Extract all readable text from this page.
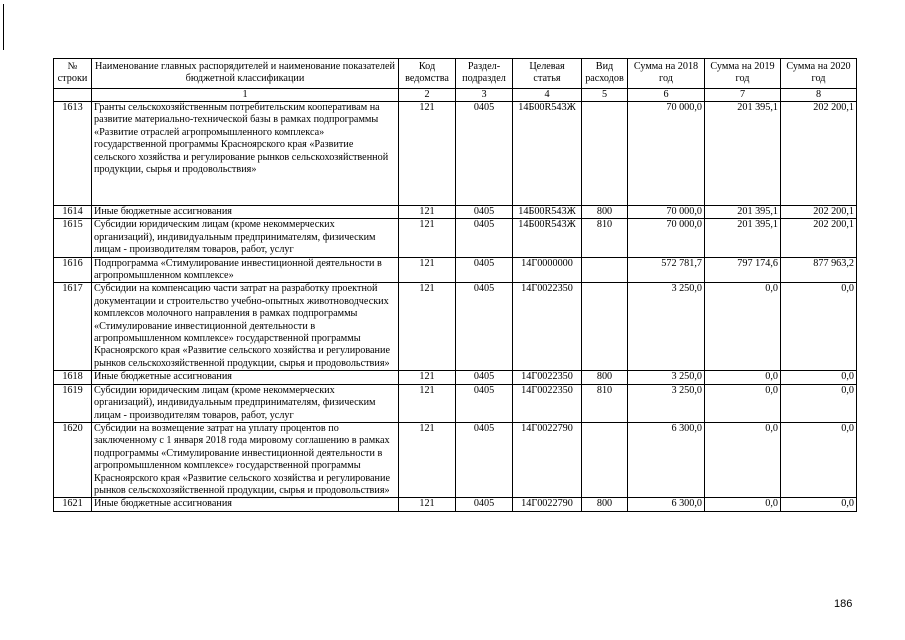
№ строки	Наименование главных распорядителей и наименование показателей бюджетной классификации	Код ведомства	Раздел-подраздел	Целевая статья	Вид расходов	Сумма на 2018 год	Сумма на 2019 год	Сумма на 2020 год
	1	2	3	4	5	6	7	8
1613	Гранты сельскохозяйственным потребительским кооперативам на развитие материально-технической базы в рамках подпрограммы «Развитие отраслей агропромышленного комплекса» государственной программы Красноярского края «Развитие сельского хозяйства и регулирование рынков сельскохозяйственной продукции, сырья и продовольствия»	121	0405	14Б00R543Ж		70 000,0	201 395,1	202 200,1
1614	Иные бюджетные ассигнования	121	0405	14Б00R543Ж	800	70 000,0	201 395,1	202 200,1
1615	Субсидии юридическим лицам (кроме некоммерческих организаций), индивидуальным предпринимателям, физическим лицам - производителям товаров, работ, услуг	121	0405	14Б00R543Ж	810	70 000,0	201 395,1	202 200,1
1616	Подпрограмма «Стимулирование инвестиционной деятельности в агропромышленном комплексе»	121	0405	14Г0000000		572 781,7	797 174,6	877 963,2
1617	Субсидии на компенсацию части затрат на разработку проектной документации и строительство учебно-опытных животноводческих комплексов молочного направления в рамках подпрограммы «Стимулирование инвестиционной деятельности в агропромышленном комплексе» государственной программы Красноярского края «Развитие сельского хозяйства и регулирование рынков сельскохозяйственной продукции, сырья и продовольствия»	121	0405	14Г0022350		3 250,0	0,0	0,0
1618	Иные бюджетные ассигнования	121	0405	14Г0022350	800	3 250,0	0,0	0,0
1619	Субсидии юридическим лицам (кроме некоммерческих организаций), индивидуальным предпринимателям, физическим лицам - производителям товаров, работ, услуг	121	0405	14Г0022350	810	3 250,0	0,0	0,0
1620	Субсидии на возмещение затрат на уплату процентов по заключенному с 1 января 2018 года мировому соглашению в рамках подпрограммы «Стимулирование инвестиционной деятельности в агропромышленном комплексе» государственной программы Красноярского края «Развитие сельского хозяйства и регулирование рынков сельскохозяйственной продукции, сырья и продовольствия»	121	0405	14Г0022790		6 300,0	0,0	0,0
1621	Иные бюджетные ассигнования	121	0405	14Г0022790	800	6 300,0	0,0	0,0
186
